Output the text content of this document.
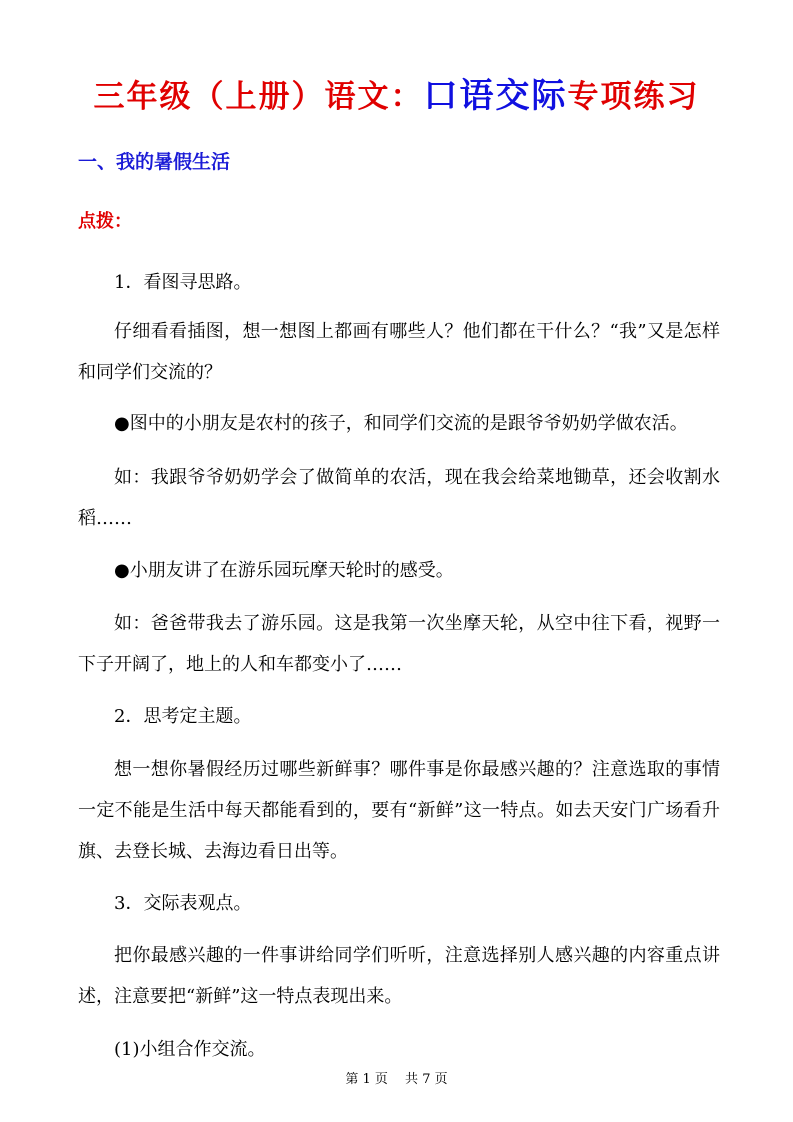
三年级（上册）语文：口语交际专项练习
一、我的暑假生活
点拨：
1．看图寻思路。
仔细看看插图，想一想图上都画有哪些人？他们都在干什么？“我”又是怎样和同学们交流的？
●图中的小朋友是农村的孩子，和同学们交流的是跟爷爷奶奶学做农活。
如：我跟爷爷奶奶学会了做简单的农活，现在我会给菜地锄草，还会收割水稻……
●小朋友讲了在游乐园玩摩天轮时的感受。
如：爸爸带我去了游乐园。这是我第一次坐摩天轮，从空中往下看，视野一下子开阔了，地上的人和车都变小了……
2．思考定主题。
想一想你暑假经历过哪些新鲜事？哪件事是你最感兴趣的？注意选取的事情一定不能是生活中每天都能看到的，要有“新鲜”这一特点。如去天安门广场看升旗、去登长城、去海边看日出等。
3．交际表观点。
把你最感兴趣的一件事讲给同学们听听，注意选择别人感兴趣的内容重点讲述，注意要把“新鲜”这一特点表现出来。
(1)小组合作交流。
第 1 页 　共 7 页
